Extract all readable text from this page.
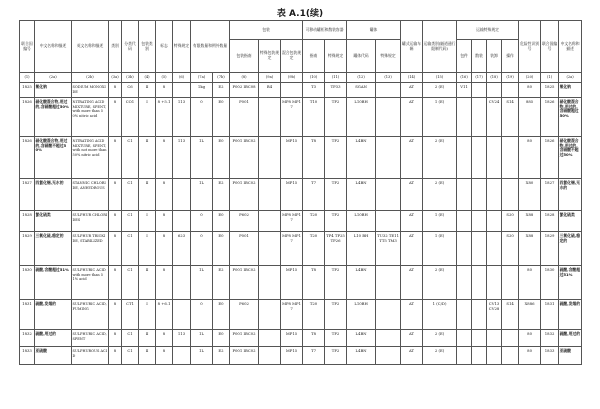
表 A.1(续)
联合国编号	中文名称和描述	英文名称和描述	类别	分类代码	包装类别	标志	特殊规定	有限数量和例外数量		包装			可移动罐柜和散装容器		罐体		罐式运输车辆	运输类别(隧道通行限制代码)	运输特殊规定				危险性识别号	联合国编号	中文名称和描述
										包装指南	特殊包装规定	混合包装规定	指南	特殊规定	罐体代码	特殊规定			包件	散装	装卸	操作			
(1)	(2a)	(2b)	(3a)	(3b)	(4)	(5)	(6)	(7a)	(7b)	(8)	(9a)	(9b)	(10)	(11)	(12)	(13)	(14)	(15)	(16)	(17)	(18)	(19)	(20)	(1)	(2a)
1825	氧化钠	SODIUM MONOXIDE	8	C6	Ⅱ	8		1kg	E2	P002 IBC08	B4		T3	TP33	SGAN		AT	2 (E)	V11				80	1825	氧化钠
1826	硝化酸混合物,用过的,含硝酸超过50%	NITRATING ACID MIXTURE, SPENT, with more than 50% nitric acid	8	CO1	Ⅰ	8 +5.1	113	0	E0	P001		MP8 MP17	T10	TP2	L10BH		AT	1 (E)			CV24	S14	885	1826	硝化酸混合物,用过的,含硝酸超过50%
1826	硝化酸混合物,用过的,含硝酸不超过50%	NITRATING ACID MIXTURE, SPENT, with not more than 50% nitric acid	8	C1	Ⅱ	8	113	1L	E0	P001 IBC02		MP15	T8	TP2	L4BN		AT	2 (E)					80	1826	硝化酸混合物,用过的,含硝酸不超过50%
1827	四氯化锡,无水的	STANNIC CHLORIDE, ANHYDROUS	8	C1	Ⅱ	8		1L	E2	P001 IBC02		MP15	T7	TP2	L4BN		AT	2 (E)					X80	1827	四氯化锡,无水的
1828	氯化硫类	SULPHUR CHLORIDES	8	C1	Ⅰ	8		0	E0	P602		MP8 MP17	T20	TP2	L10BH		AT	1 (E)				S20	X88	1828	氯化硫类
1829	三氧化硫,稳定的	SULPHUR TRIOXIDE, STABILIZED	8	C1	Ⅰ	8	623	0	E0	P001		MP8 MP17	T20	TP4 TP25 TP26	L10 BH	TU32 TE11 TT5 TM3	AT	1 (E)				S20	X88	1829	三氧化硫,稳定的
1830	硫酸,含酸超过51%	SULPHURIC ACID with more than 51% acid	8	C1	Ⅱ	8		1L	E2	P001 IBC02		MP15	T8	TP2	L4BN		AT	2 (E)					80	1830	硫酸,含酸超过51%
1831	硫酸,发烟的	SULPHURIC ACID, FUMING	8	CT1	Ⅰ	8 +6.1		0	E0	P602		MP8 MP17	T20	TP2	L10BH		AT	1 (C/D)			CV13 CV28	S14	X886	1831	硫酸,发烟的
1832	硫酸,用过的	SULPHURIC ACID, SPENT	8	C1	Ⅱ	8	113	1L	E0	P001 IBC02		MP15	T8	TP2	L4BN		AT	2 (E)					80	1832	硫酸,用过的
1833	亚硫酸	SULPHUROUS ACID	8	C1	Ⅱ	8		1L	E2	P001 IBC02		MP15	T7	TP2	L4BN		AT	2 (E)					80	1833	亚硫酸
